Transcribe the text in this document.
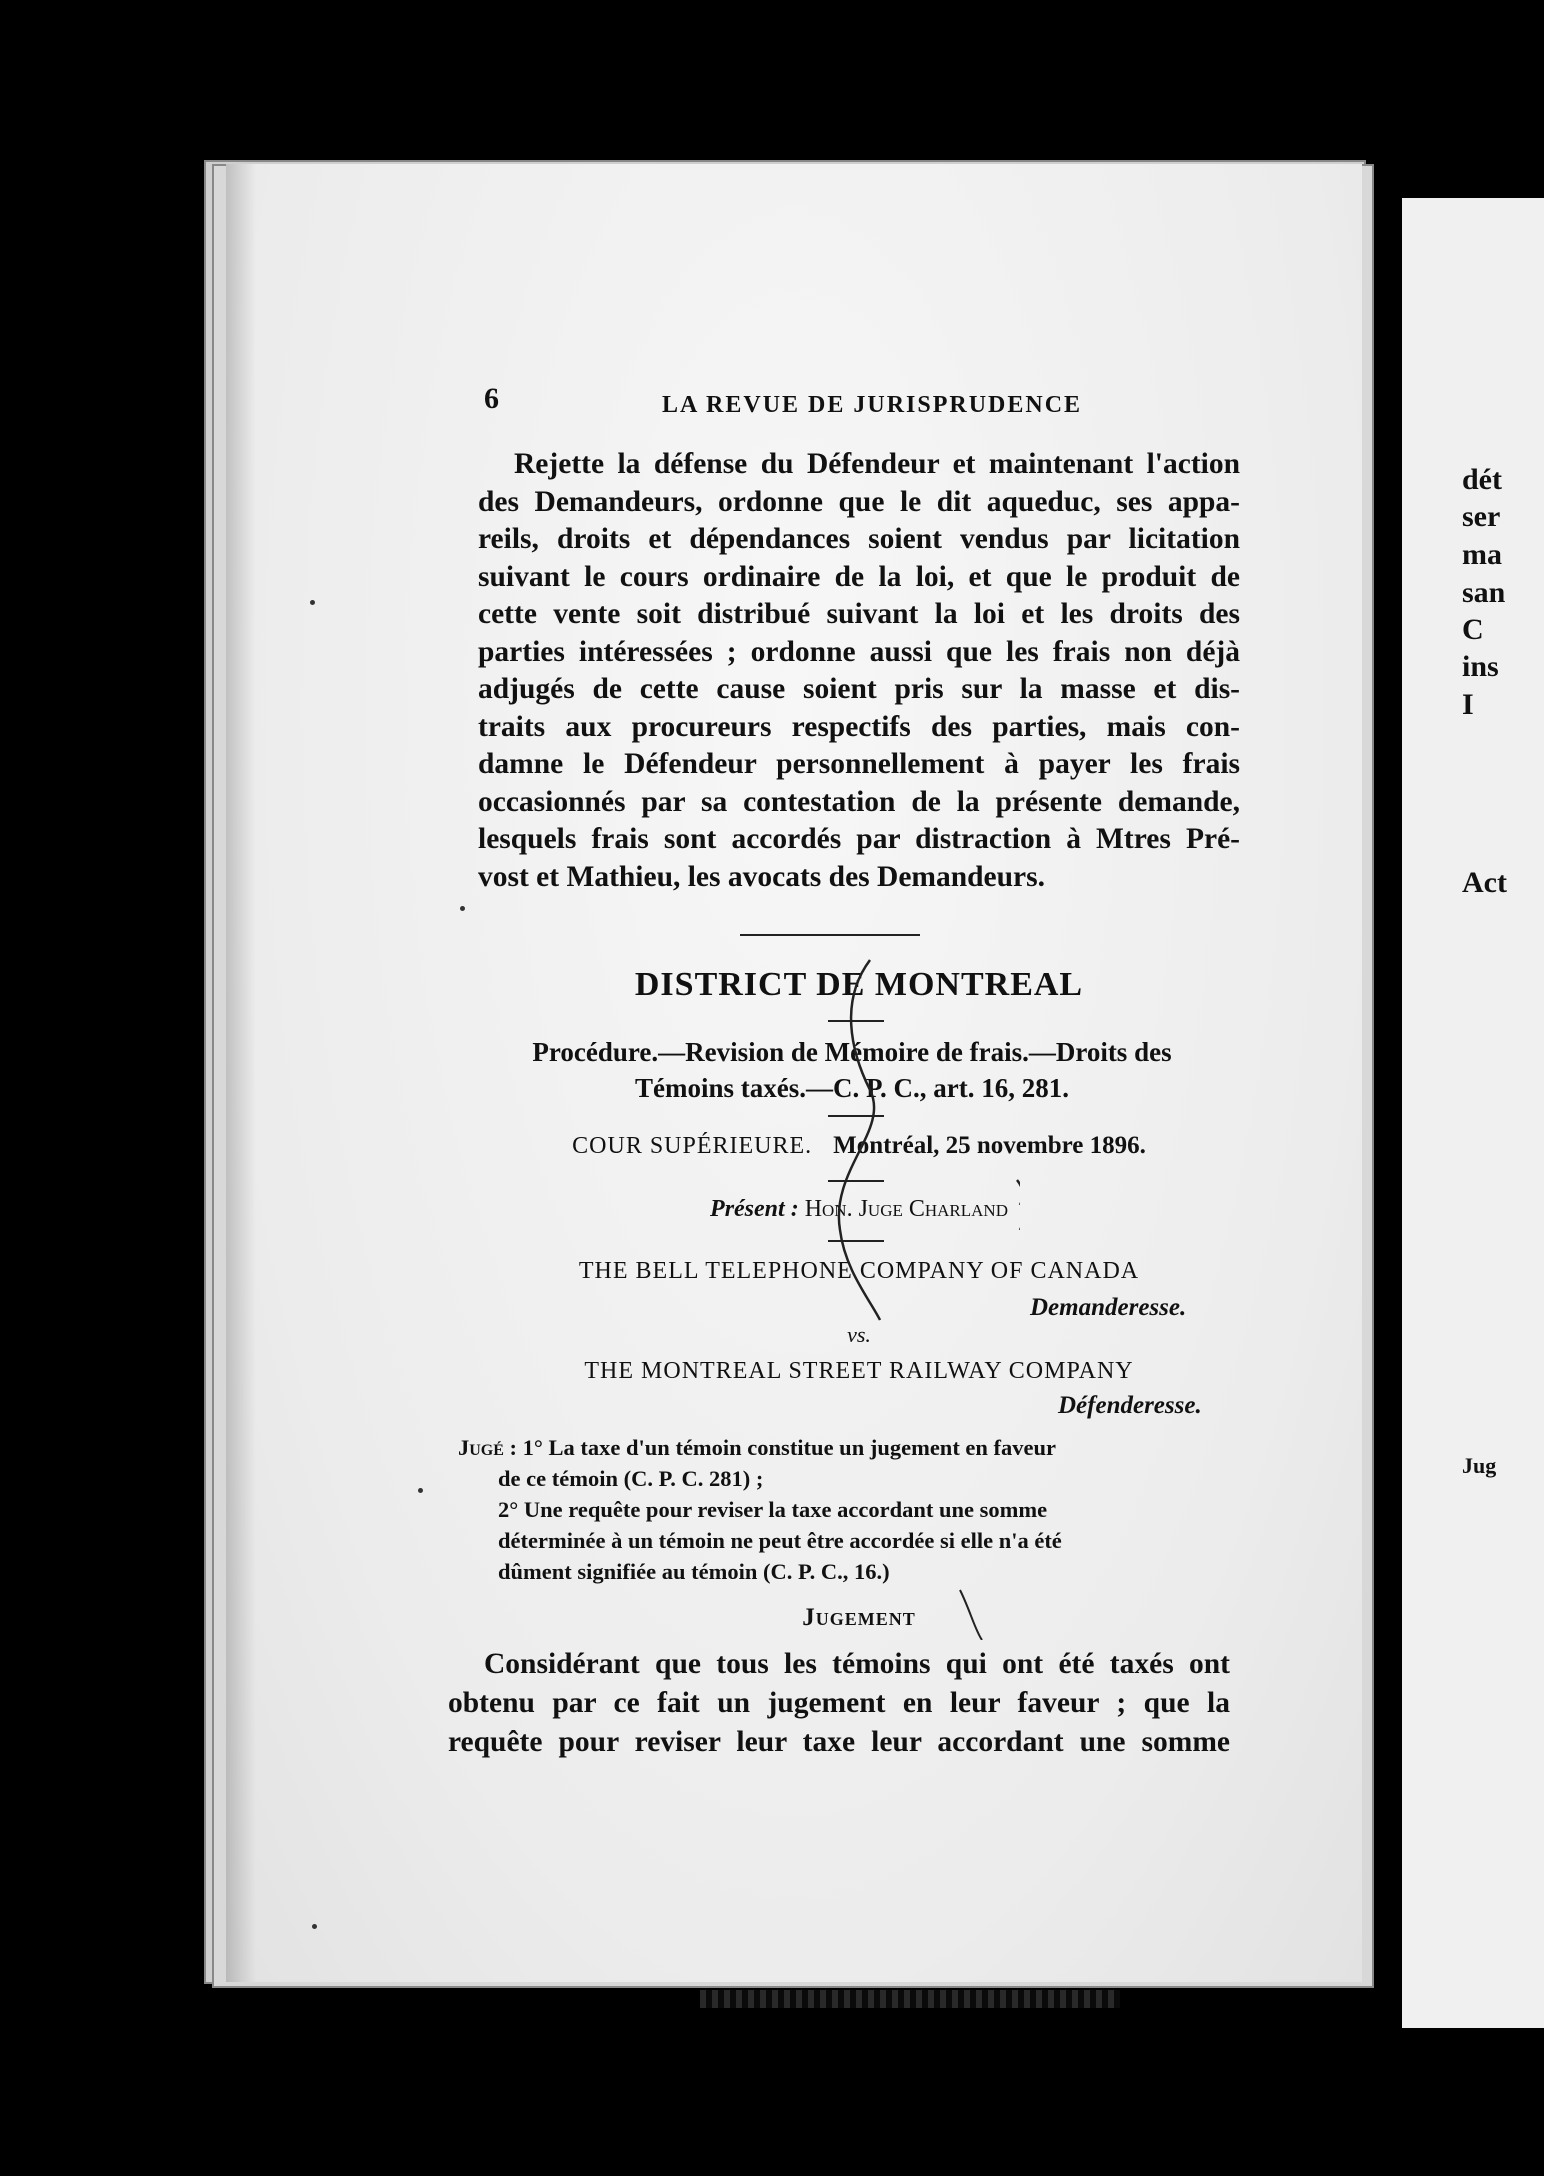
dét
ser
ma
san
C
ins
I
Act
Jug
6	LA REVUE DE JURISPRUDENCE
Rejette la défense du Défendeur et maintenant l'action
des Demandeurs, ordonne que le dit aqueduc, ses appa-
reils, droits et dépendances soient vendus par licitation
suivant le cours ordinaire de la loi, et que le produit de
cette vente soit distribué suivant la loi et les droits des
parties intéressées ; ordonne aussi que les frais non déjà
adjugés de cette cause soient pris sur la masse et dis-
traits aux procureurs respectifs des parties, mais con-
damne le Défendeur personnellement à payer les frais
occasionnés par sa contestation de la présente demande,
lesquels frais sont accordés par distraction à Mtres Pré-
vost et Mathieu, les avocats des Demandeurs.
DISTRICT DE MONTREAL
Procédure.—Revision de Mémoire de frais.—Droits des
Témoins taxés.—C. P. C., art. 16, 281.
COUR SUPÉRIEURE. Montréal, 25 novembre 1896.
Présent : Hon. Juge Charland
THE BELL TELEPHONE COMPANY OF CANADA
Demanderesse.
vs.
THE MONTREAL STREET RAILWAY COMPANY
Défenderesse.
Jugé : 1° La taxe d'un témoin constitue un jugement en faveur
de ce témoin (C. P. C. 281) ;
2° Une requête pour reviser la taxe accordant une somme
déterminée à un témoin ne peut être accordée si elle n'a été
dûment signifiée au témoin (C. P. C., 16.)
Jugement
Considérant que tous les témoins qui ont été taxés ont
obtenu par ce fait un jugement en leur faveur ; que la
requête pour reviser leur taxe leur accordant une somme
